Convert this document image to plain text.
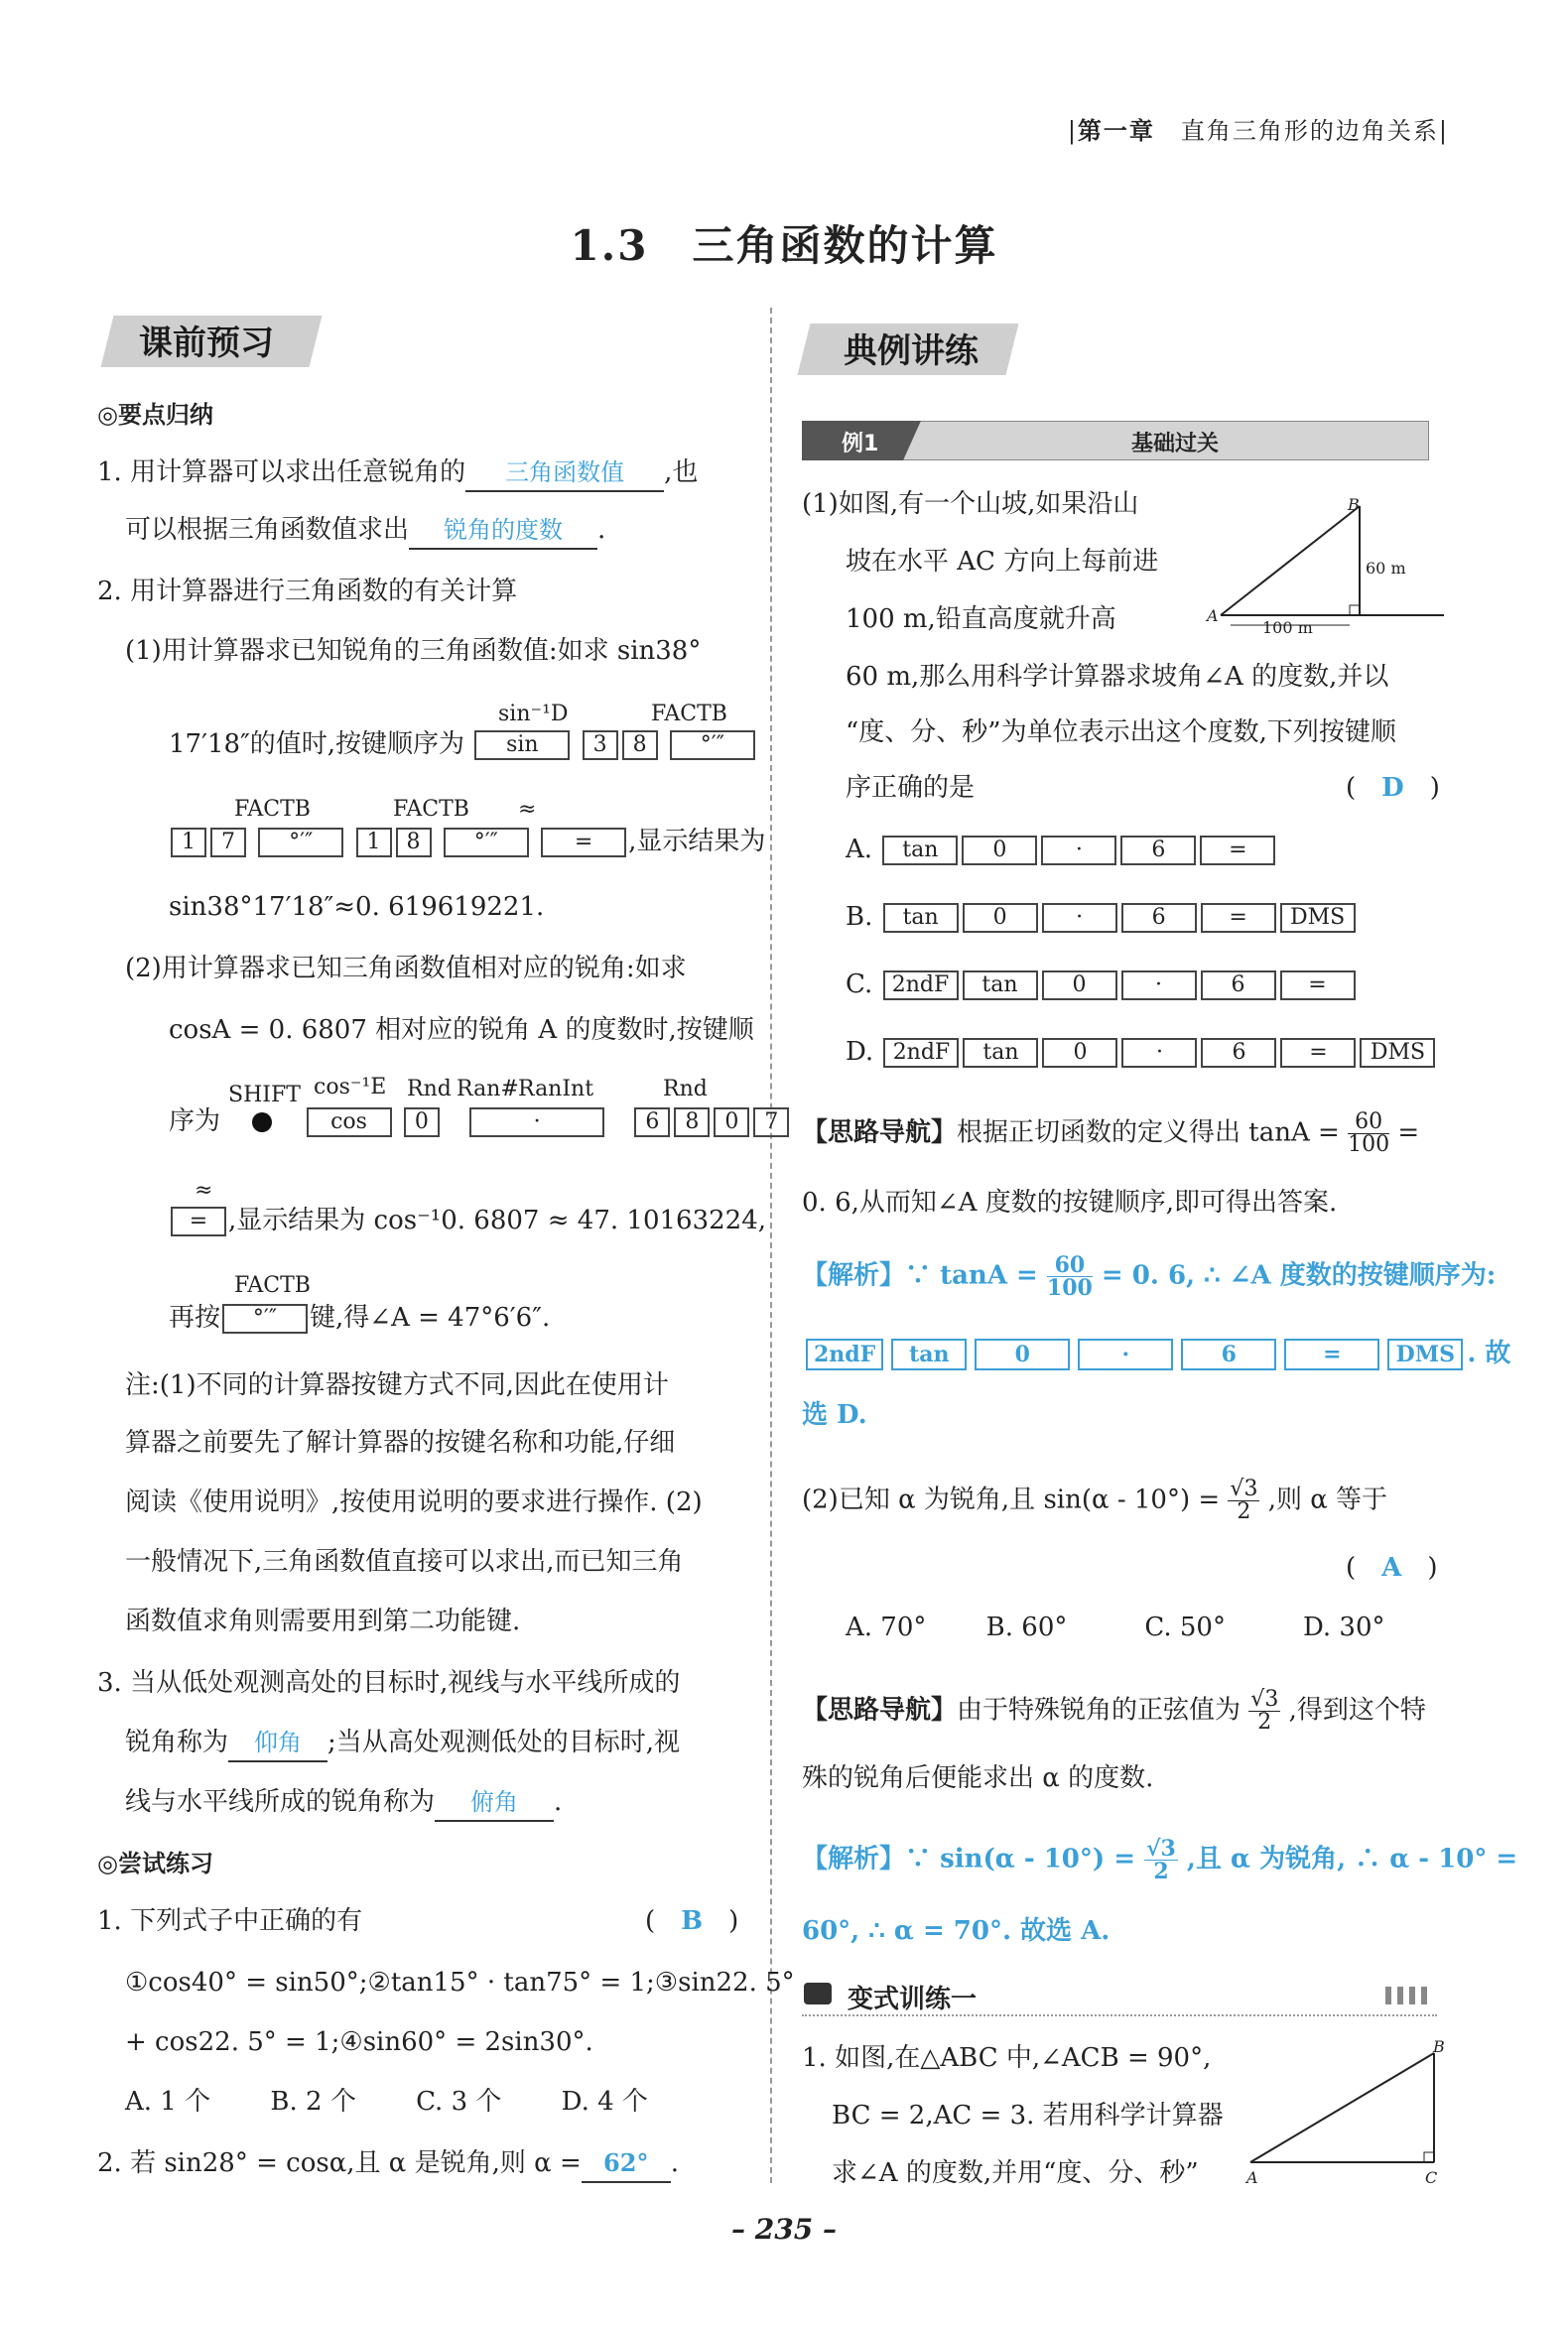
|第一章　 直角三角形的边角关系|
1.3　三角函数的计算
课前预习
◎要点归纳
1. 用计算器可以求出任意锐角的 三角函数值 ,也
可以根据三角函数值求出 锐角的度数 .
2. 用计算器进行三角函数的有关计算
(1)用计算器求已知锐角的三角函数值:如求 sin38°
sin⁻¹D	FACTB
17′18″的值时,按键顺序为 sin	3 8 °′″
FACTB	FACTB ≈
1 7 °′″ 1 8 °′″	= ,显示结果为
sin38°17′18″≈0. 619619221.
(2)用计算器求已知三角函数值相对应的锐角:如求
cosA = 0. 6807 相对应的锐角 A 的度数时,按键顺
SHIFT cos⁻¹E Rnd Ran# RanInt	Rnd
序为	cos 0	·	6 8 0 7
≈
= ,显示结果为 cos⁻¹0. 6807 ≈ 47. 10163224,
FACTB
再按 °′″ 键,得∠A = 47°6′6″.
注:(1)不同的计算器按键方式不同,因此在使用计
算器之前要先了解计算器的按键名称和功能,仔细
阅读《使用说明》,按使用说明的要求进行操作. (2)
一般情况下,三角函数值直接可以求出,而已知三角
函数值求角则需要用到第二功能键.
3. 当从低处观测高处的目标时,视线与水平线所成的
锐角称为 仰角 ;当从高处观测低处的目标时,视
线与水平线所成的锐角称为 俯角 .
◎尝试练习
1. 下列式子中正确的有	(　B　)
①cos40° = sin50°;②tan15° · tan75° = 1;③sin22. 5°
+ cos22. 5° = 1;④sin60° = 2sin30°.
A. 1 个　　 B. 2 个　　 C. 3 个　　 D. 4 个
2. 若 sin28° = cosα,且 α 是锐角,则 α = 62° .
典例讲练
例1	基础过关
(1)如图,有一个山坡,如果沿山
坡在水平 AC 方向上每前进
100 m,铅直高度就升高
B
A
60 m
100 m
60 m,那么用科学计算器求坡角∠A 的度数,并以
“度、分、秒”为单位表示出这个度数,下列按键顺
序正确的是	(　D　)
A. tan 0	·	6	=
B. tan 0	·	6	= DMS
C. 2ndF tan 0	·	6	=
D. 2ndF tan 0	·	6	= DMS
【思路导航】根据正切函数的定义得出 $\tan A = \frac{60}{100}$ =
0. 6,从而知∠A 度数的按键顺序,即可得出答案.
【解析】∵ $\tan A = \frac{60}{100} = 0$. 6, ∴ ∠A 度数的按键顺序为:
2ndF tan	0	·	6	=	DMS . 故
选 D.
(2)已知 α 为锐角,且 $\sin(\alpha - 10^\circ) = \frac{√3}{2}$ ,则 α 等于
(　A　)
A. 70°　　 B. 60°　　　C. 50°　　　D. 30°
【思路导航】由于特殊锐角的正弦值为 $\frac{√3}{2}$ ,得到这个特
殊的锐角后便能求出 α 的度数.
【解析】∵ $\sin(\alpha - 10^\circ) = \frac{√3}{2}$ ,且 α 为锐角, ∴ α - 10° =
60°, ∴ α = 70°. 故选 A.
变式训练一
1. 如图,在△ABC 中,∠ACB = 90°,
BC = 2,AC = 3. 若用科学计算器
求∠A 的度数,并用“度、分、秒”	A
B
C
– 235 –
